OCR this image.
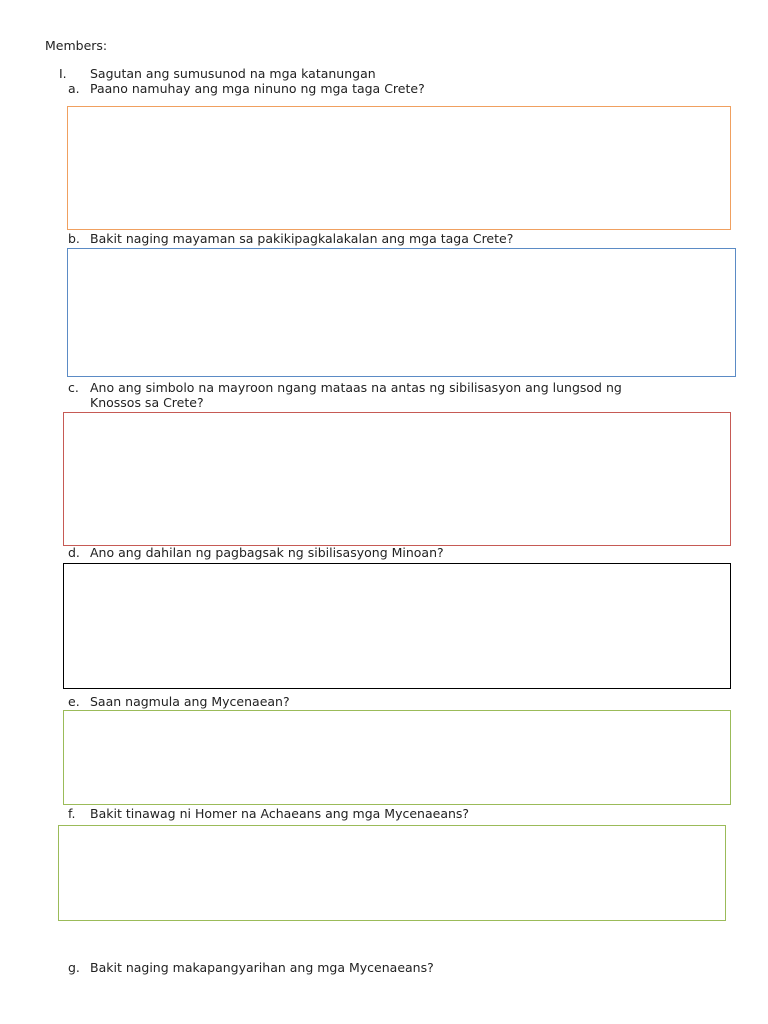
Members:

I. Sagutan ang sumusunod na mga katanungan

a. Paano namuhay ang mga ninuno ng mga taga Crete?

b. Bakit naging mayaman sa pakikipagkalakalan ang mga taga Crete?

c. Ano ang simbolo na mayroon ngang mataas na antas ng sibilisasyon ang lungsod ng

Knossos sa Crete?

d. Ano ang dahilan ng pagbagsak ng sibilisasyong Minoan?

e. Saan nagmula ang Mycenaean?

f. Bakit tinawag ni Homer na Achaeans ang mga Mycenaeans?

g. Bakit naging makapangyarihan ang mga Mycenaeans?
